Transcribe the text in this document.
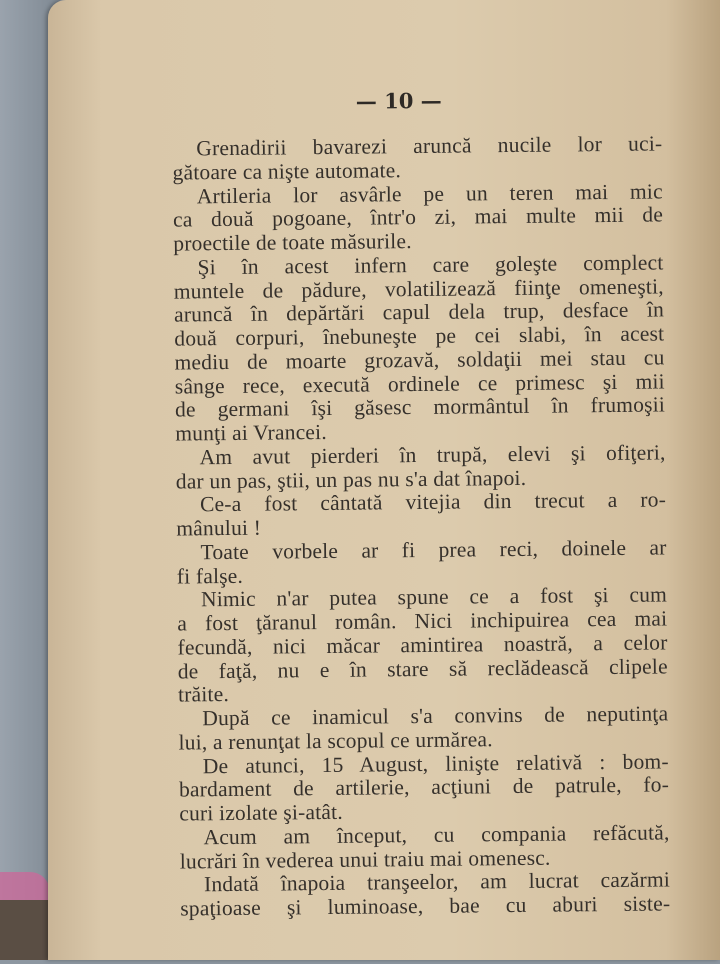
— 10 —
Grenadirii bavarezi aruncă nucile lor uci-
gătoare ca nişte automate.
Artileria lor asvârle pe un teren mai mic
ca două pogoane, într'o zi, mai multe mii de
proectile de toate măsurile.
Şi în acest infern care goleşte complect
muntele de pădure, volatilizează fiinţe omeneşti,
aruncă în depărtări capul dela trup, desface în
două corpuri, înebuneşte pe cei slabi, în acest
mediu de moarte grozavă, soldaţii mei stau cu
sânge rece, execută ordinele ce primesc şi mii
de germani îşi găsesc mormântul în frumoşii
munţi ai Vrancei.
Am avut pierderi în trupă, elevi şi ofiţeri,
dar un pas, ştii, un pas nu s'a dat înapoi.
Ce-a fost cântată vitejia din trecut a ro-
mânului !
Toate vorbele ar fi prea reci, doinele ar
fi falşe.
Nimic n'ar putea spune ce a fost şi cum
a fost ţăranul român. Nici inchipuirea cea mai
fecundă, nici măcar amintirea noastră, a celor
de faţă, nu e în stare să reclădească clipele
trăite.
După ce inamicul s'a convins de neputinţa
lui, a renunţat la scopul ce urmărea.
De atunci, 15 August, linişte relativă : bom-
bardament de artilerie, acţiuni de patrule, fo-
curi izolate şi-atât.
Acum am început, cu compania refăcută,
lucrări în vederea unui traiu mai omenesc.
Indată înapoia tranşeelor, am lucrat cazărmi
spaţioase şi luminoase, bae cu aburi siste-
